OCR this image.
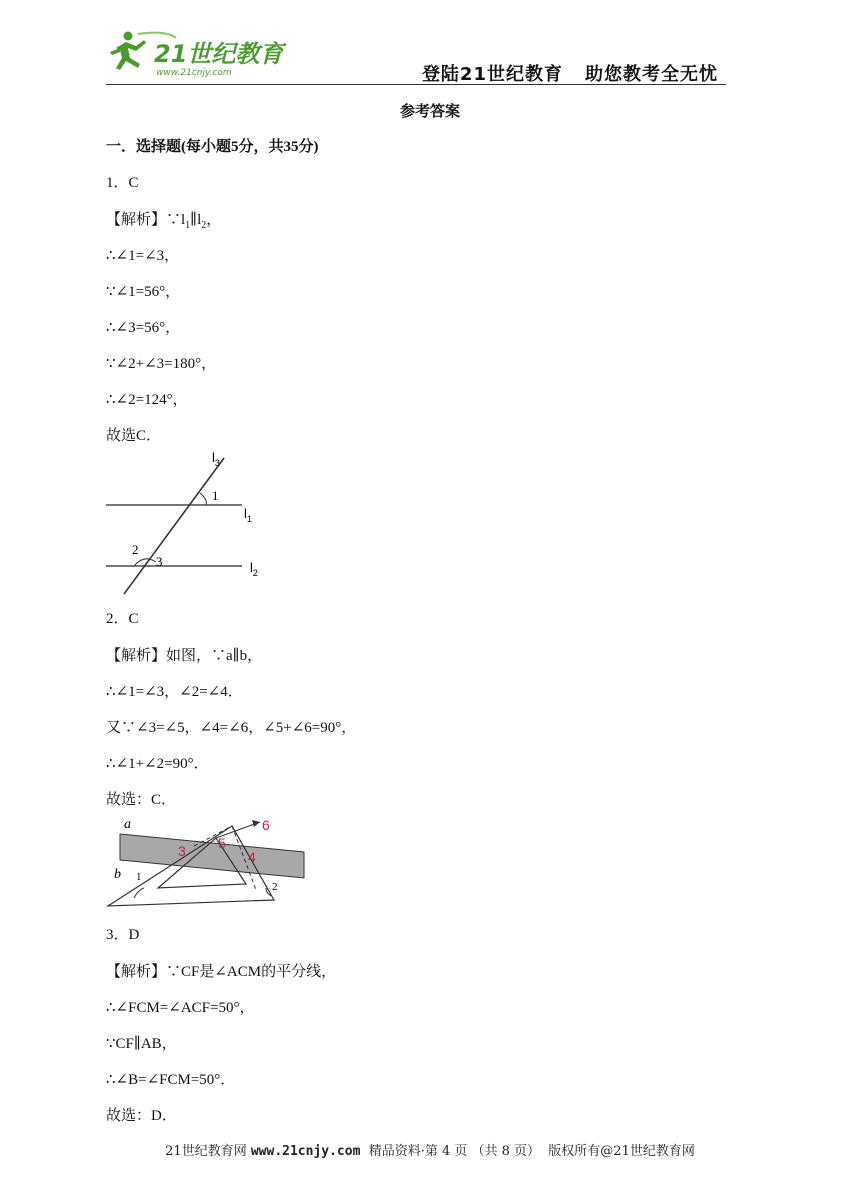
21世纪教育
www.21cnjy.com	登陆21世纪教育 助您教考全无忧
参考答案
一．选择题(每小题5分，共35分)
1．C
【解析】$\because l_1\parallel l_2$，
∴∠1=∠3，
∵∠1=56°，
∴∠3=56°，
∵∠2+∠3=180°，
∴∠2=124°，
故选C．
$l_3$
1
$l_1$
2
3	$l_2$
2．C
【解析】如图，∵a∥b，
∴∠1=∠3，∠2=∠4．
又∵∠3=∠5，∠4=∠6，∠5+∠6=90°，
∴∠1+∠2=90°．
故选：C．
a
b 1
2
3	4
5
6
3．D
【解析】∵CF是∠ACM的平分线，
∴∠FCM=∠ACF=50°，
∵CF∥AB，
∴∠B=∠FCM=50°．
故选：D．
21世纪教育网 www.21cnjy.com 精品资料·第 4 页 （共 8 页） 版权所有@21世纪教育网
